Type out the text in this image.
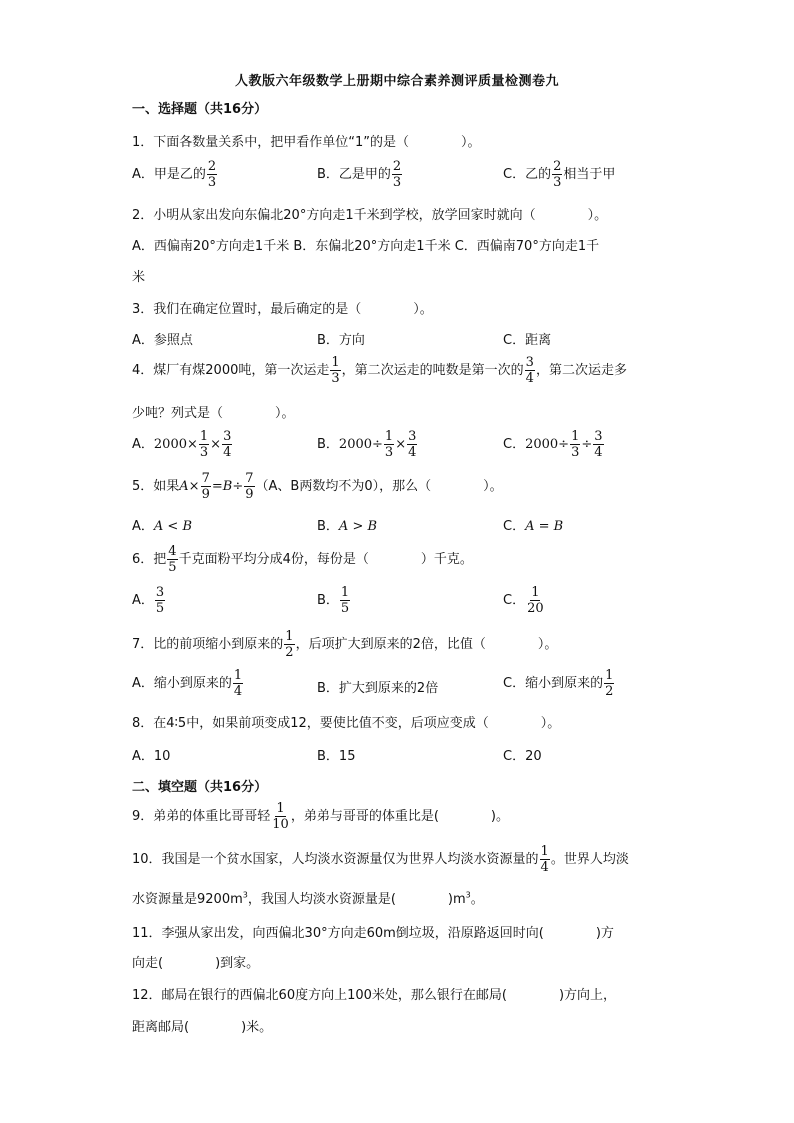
人教版六年级数学上册期中综合素养测评质量检测卷九
一、选择题（共16分）
1．下面各数量关系中，把甲看作单位“1”的是（　　　　）。
A．甲是乙的 $\frac{2}{3}$	B．乙是甲的 $\frac{2}{3}$	C．乙的 $\frac{2}{3}$ 相当于甲
2．小明从家出发向东偏北20°方向走1千米到学校，放学回家时就向（　　　　）。
A．西偏南20°方向走1千米 B．东偏北20°方向走1千米 C．西偏南70°方向走1千
米
3．我们在确定位置时，最后确定的是（　　　　）。
A．参照点	B．方向	C．距离
4．煤厂有煤2000吨，第一次运走 $\frac{1}{3}$ ，第二次运走的吨数是第一次的 $\frac{3}{4}$ ，第二次运走多
少吨？列式是（　　　　）。
A．$2000\times \frac{1}{3} \times \frac{3}{4}$	B．$2000\div \frac{1}{3} \times \frac{3}{4}$	C．$2000\div \frac{1}{3} \div \frac{3}{4}$
5．如果$A\times \frac{7}{9} =B\div \frac{7}{9} (A$、B两数均不为0），那么（　　　　）。
A．A < B	B．A > B	C．A = B
6．把 $\frac{4}{5}$ 千克面粉平均分成4份，每份是（　　　　）千克。
A． $\frac{3}{5}$	B． $\frac{1}{5}$	C． $\frac{1}{20}$
7．比的前项缩小到原来的 $\frac{1}{2}$ ，后项扩大到原来的2倍，比值（　　　　）。
A．缩小到原来的 $\frac{1}{4}$	B．扩大到原来的2倍	C．缩小到原来的 $\frac{1}{2}$
8．在4∶5中，如果前项变成12，要使比值不变，后项应变成（　　　　）。
A．10	B．15	C．20
二、填空题（共16分）
9．弟弟的体重比哥哥轻 $\frac{1}{10}$ ，弟弟与哥哥的体重比是(　　　　)。
10．我国是一个贫水国家，人均淡水资源量仅为世界人均淡水资源量的 $\frac{1}{4}$ 。世界人均淡
水资源量是$9200m^3$，我国人均淡水资源量是(　　　　)$m^3$。
11．李强从家出发，向西偏北30°方向走60m倒垃圾，沿原路返回时向(　　　　)方
向走(　　　　)到家。
12．邮局在银行的西偏北60度方向上100米处，那么银行在邮局(　　　　)方向上，
距离邮局(　　　　)米。
